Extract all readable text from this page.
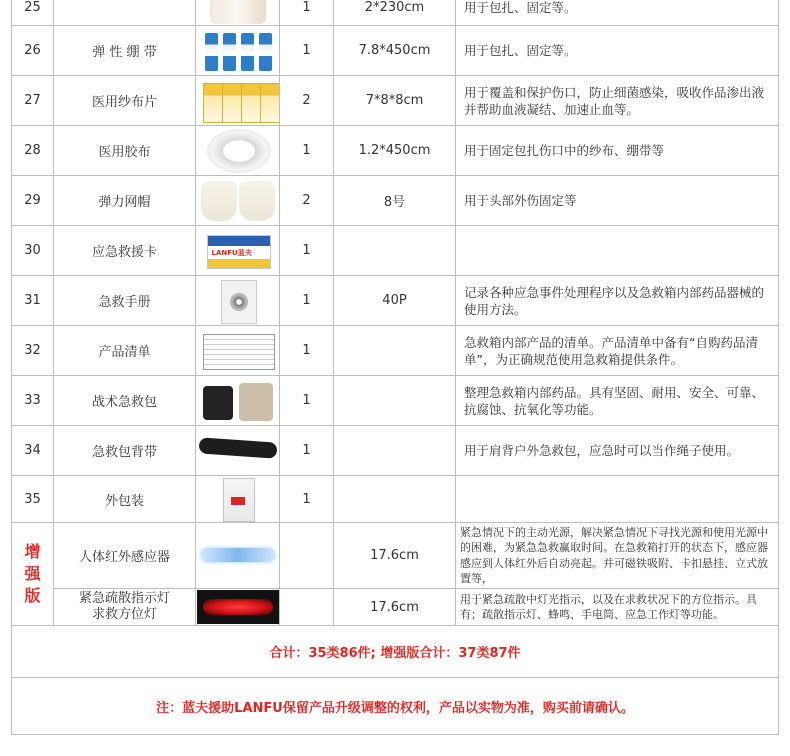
25			1	2*230cm	用于包扎、固定等。
26	弹 性 绷 带		1	7.8*450cm	用于包扎、固定等。
27	医用纱布片		2	7*8*8cm	用于覆盖和保护伤口，防止细菌感染，吸收作品渗出液并帮助血液凝结、加速止血等。
28	医用胶布		1	1.2*450cm	用于固定包扎伤口中的纱布、绷带等
29	弹力网帽		2	8号	用于头部外伤固定等
30	应急救援卡	LANFU蓝夫	1		
31	急救手册		1	40P	记录各种应急事件处理程序以及急救箱内部药品器械的使用方法。
32	产品清单		1		急救箱内部产品的清单。产品清单中备有“自购药品清单”，为正确规范使用急救箱提供条件。
33	战术急救包		1		整理急救箱内部药品。具有坚固、耐用、安全、可靠、抗腐蚀、抗氧化等功能。
34	急救包背带		1		用于肩背户外急救包，应急时可以当作绳子使用。
35	外包装		1		

增
强
版	人体红外感应器			17.6cm	紧急情况下的主动光源，解决紧急情况下寻找光源和使用光源中的困难，为紧急急救赢取时间。在急救箱打开的状态下，感应器感应到人体红外后自动亮起。并可磁铁吸附、卡扣悬挂、立式放置等，
	紧急疏散指示灯
求救方位灯			17.6cm	用于紧急疏散中灯光指示，以及在求救状况下的方位指示。具有；疏散指示灯、蜂鸣、手电筒、应急工作灯等功能。
合计：35类86件; 增强版合计：37类87件					
注：蓝夫援助LANFU保留产品升级调整的权利，产品以实物为准，购买前请确认。					
